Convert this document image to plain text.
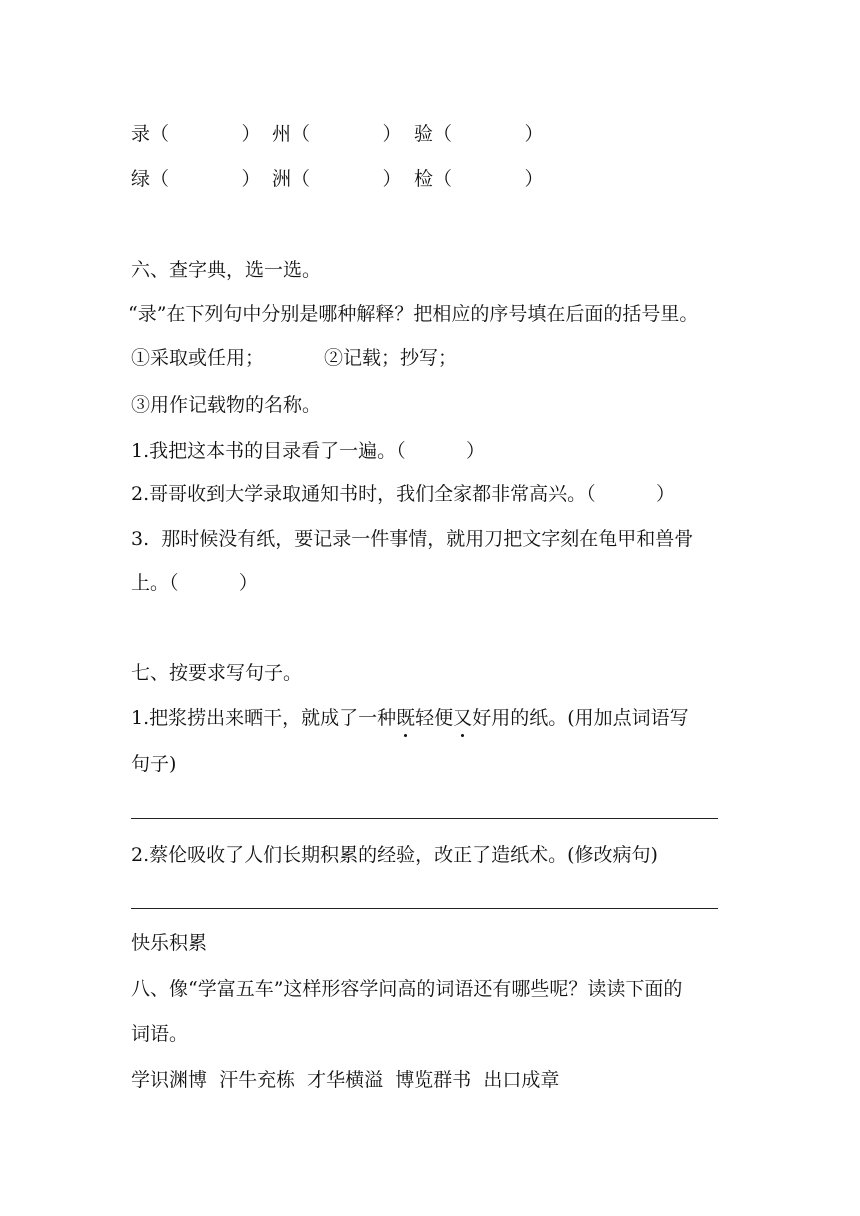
录（            ） 州（            ） 验（            ）
绿（            ） 洲（            ） 检（            ）
六、查字典，选一选。
“录”在下列句中分别是哪种解释？把相应的序号填在后面的括号里。
①采取或任用；	②记载；抄写；
③用作记载物的名称。
1.我把这本书的目录看了一遍。（          ）
2.哥哥收到大学录取通知书时，我们全家都非常高兴。（          ）
3.  那时候没有纸，要记录一件事情，就用刀把文字刻在龟甲和兽骨
上。（          ）
七、按要求写句子。
1.把浆捞出来晒干，就成了一种既轻便又好用的纸。(用加点词语写
句子)
2.蔡伦吸收了人们长期积累的经验，改正了造纸术。(修改病句)
快乐积累
八、像“学富五车”这样形容学问高的词语还有哪些呢？读读下面的
词语。
学识渊博  汗牛充栋  才华横溢  博览群书  出口成章
